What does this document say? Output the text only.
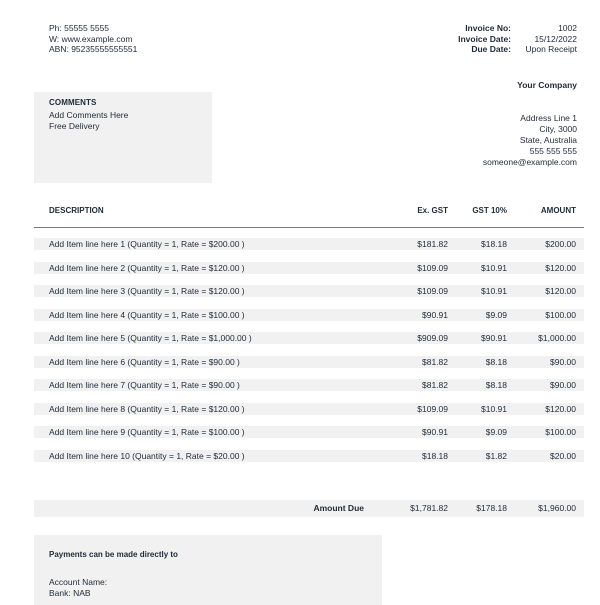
Ph: 55555 5555
W: www.example.com
ABN: 95235555555551
Invoice No:	1002
Invoice Date:	15/12/2022
Due Date:	Upon Receipt
COMMENTS
Add Comments Here
Free Delivery
Your Company
Address Line 1
City, 3000
State, Australia
555 555 555
someone@example.com
DESCRIPTION	Ex. GST	GST 10%	AMOUNT
Add Item line here 1 (Quantity = 1, Rate = $200.00 )	$181.82	$18.18	$200.00
Add Item line here 2 (Quantity = 1, Rate = $120.00 )	$109.09	$10.91	$120.00
Add Item line here 3 (Quantity = 1, Rate = $120.00 )	$109.09	$10.91	$120.00
Add Item line here 4 (Quantity = 1, Rate = $100.00 )	$90.91	$9.09	$100.00
Add Item line here 5 (Quantity = 1, Rate = $1,000.00 )	$909.09	$90.91	$1,000.00
Add Item line here 6 (Quantity = 1, Rate = $90.00 )	$81.82	$8.18	$90.00
Add Item line here 7 (Quantity = 1, Rate = $90.00 )	$81.82	$8.18	$90.00
Add Item line here 8 (Quantity = 1, Rate = $120.00 )	$109.09	$10.91	$120.00
Add Item line here 9 (Quantity = 1, Rate = $100.00 )	$90.91	$9.09	$100.00
Add Item line here 10 (Quantity = 1, Rate = $20.00 )	$18.18	$1.82	$20.00
Amount Due	$1,781.82	$178.18	$1,960.00
Payments can be made directly to
Account Name:
Bank: NAB
